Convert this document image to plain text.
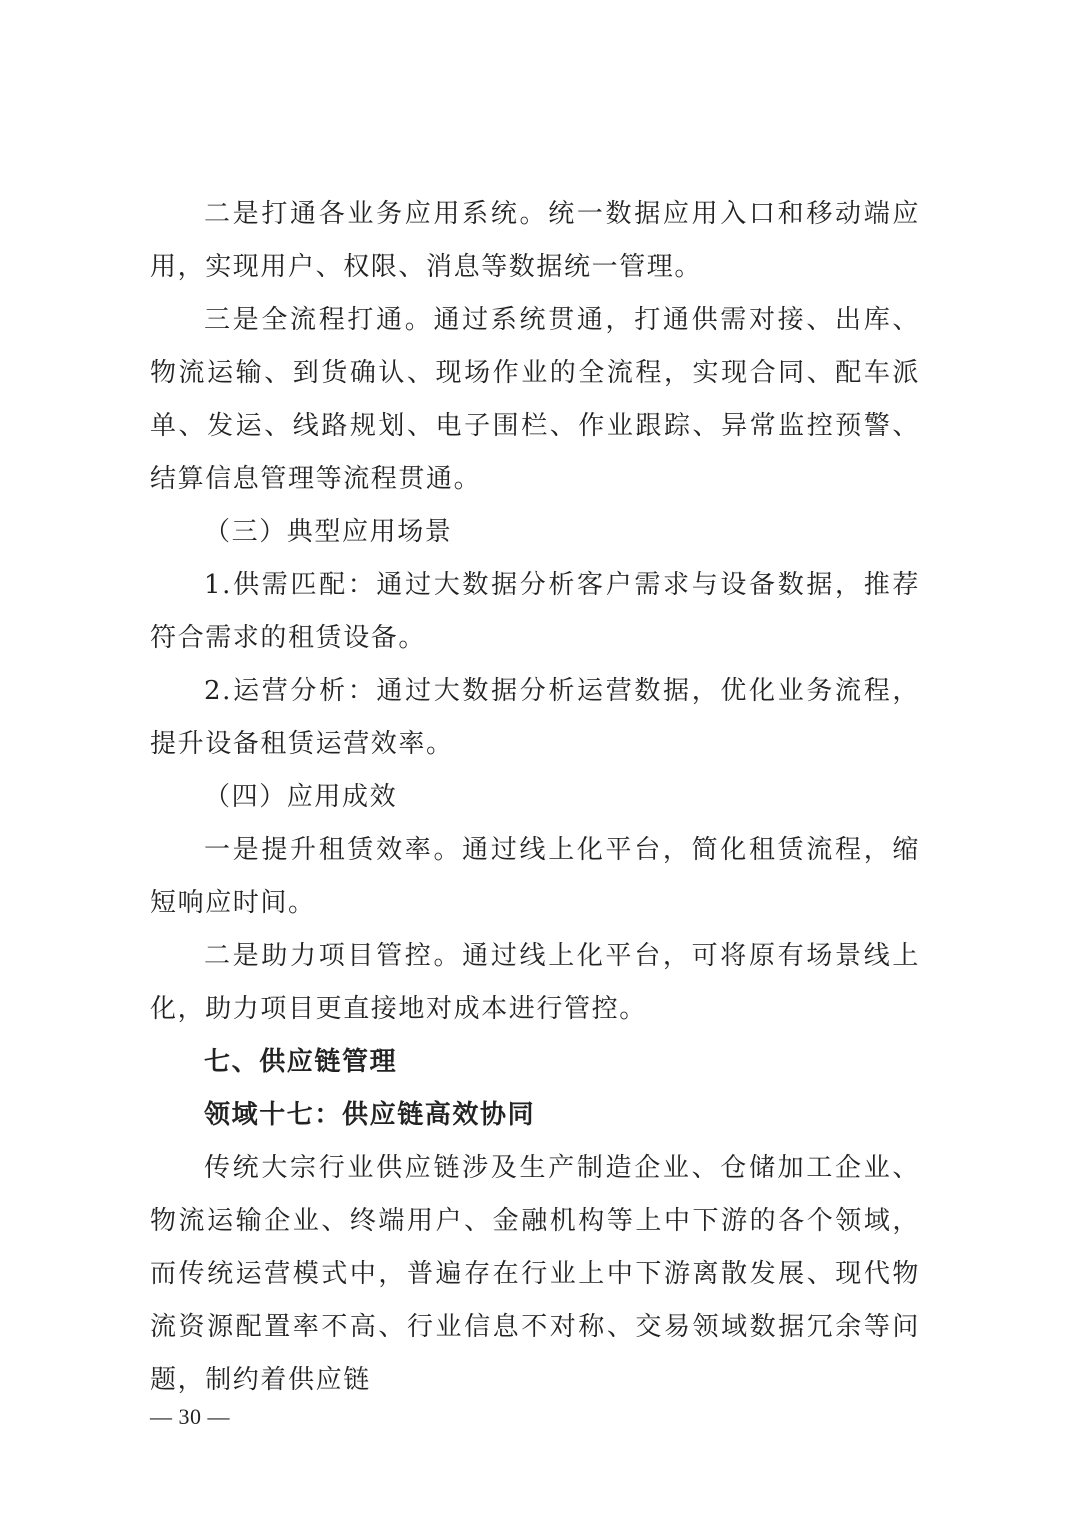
二是打通各业务应用系统。统一数据应用入口和移动端应用，实现用户、权限、消息等数据统一管理。

三是全流程打通。通过系统贯通，打通供需对接、出库、物流运输、到货确认、现场作业的全流程，实现合同、配车派单、发运、线路规划、电子围栏、作业跟踪、异常监控预警、结算信息管理等流程贯通。

（三）典型应用场景

1.供需匹配：通过大数据分析客户需求与设备数据，推荐符合需求的租赁设备。

2.运营分析：通过大数据分析运营数据，优化业务流程，提升设备租赁运营效率。

（四）应用成效

一是提升租赁效率。通过线上化平台，简化租赁流程，缩短响应时间。

二是助力项目管控。通过线上化平台，可将原有场景线上化，助力项目更直接地对成本进行管控。

七、供应链管理

领域十七：供应链高效协同

传统大宗行业供应链涉及生产制造企业、仓储加工企业、物流运输企业、终端用户、金融机构等上中下游的各个领域，而传统运营模式中，普遍存在行业上中下游离散发展、现代物流资源配置率不高、行业信息不对称、交易领域数据冗余等问题，制约着供应链

— 30 —
